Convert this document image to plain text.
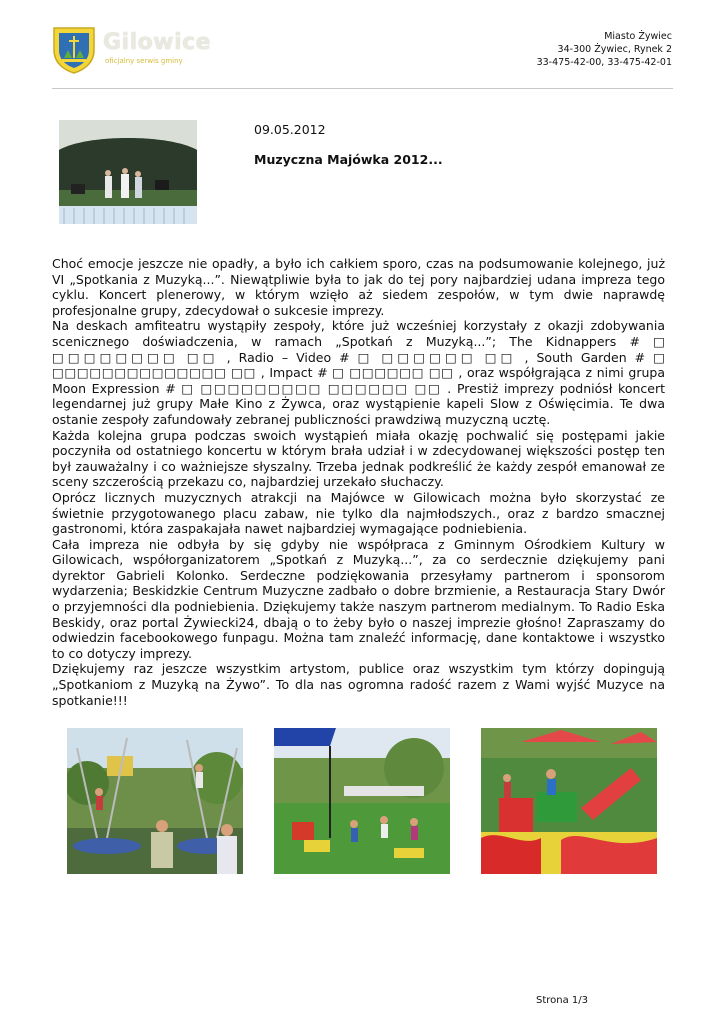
Gilowice
oficjalny serwis gminy
Miasto Żywiec
34-300 Żywiec, Rynek 2
33-475-42-00, 33-475-42-01
09.05.2012
Muzyczna Majówka 2012...
Choć emocje jeszcze nie opadły, a było ich całkiem sporo, czas na podsumowanie kolejnego, już VI „Spotkania z Muzyką...”. Niewątpliwie była to jak do tej pory najbardziej udana impreza tego cyklu. Koncert plenerowy, w którym wzięło aż siedem zespołów, w tym dwie naprawdę profesjonalne grupy, zdecydował o sukcesie imprezy.
Na deskach amfiteatru wystąpiły zespoły, które już wcześniej korzystały z okazji zdobywania scenicznego doświadczenia, w ramach „Spotkań z Muzyką...”; The Kidnappers # □ □□□□□□□□ □□ , Radio – Video # □ □□□□□□ □□ , South Garden # □ □□□□□□□□□□□□□□ □□ , Impact # □ □□□□□□ □□ , oraz współgrająca z nimi grupa Moon Expression # □ □□□□□□□□□ □□□□□□ □□ . Prestiż imprezy podniósł koncert legendarnej już grupy Małe Kino z Żywca, oraz wystąpienie kapeli Slow z Oświęcimia. Te dwa ostanie zespoły zafundowały zebranej publiczności prawdziwą muzyczną ucztę.
Każda kolejna grupa podczas swoich wystąpień miała okazję pochwalić się postępami jakie poczyniła od ostatniego koncertu w którym brała udział i w zdecydowanej większości postęp ten był zauważalny i co ważniejsze słyszalny. Trzeba jednak podkreślić że każdy zespół emanował ze sceny szczerością przekazu co, najbardziej urzekało słuchaczy.
Oprócz licznych muzycznych atrakcji na Majówce w Gilowicach można było skorzystać ze świetnie przygotowanego placu zabaw, nie tylko dla najmłodszych., oraz z bardzo smacznej gastronomi, która zaspakajała nawet najbardziej wymagające podniebienia.
Cała impreza nie odbyła by się gdyby nie współpraca z Gminnym Ośrodkiem Kultury w Gilowicach, współorganizatorem „Spotkań z Muzyką...”, za co serdecznie dziękujemy pani dyrektor Gabrieli Kolonko. Serdeczne podziękowania przesyłamy partnerom i sponsorom wydarzenia; Beskidzkie Centrum Muzyczne zadbało o dobre brzmienie, a Restauracja Stary Dwór o przyjemności dla podniebienia. Dziękujemy także naszym partnerom medialnym. To Radio Eska Beskidy, oraz portal Żywiecki24, dbają o to żeby było o naszej imprezie głośno! Zapraszamy do odwiedzin facebookowego funpagu. Można tam znaleźć informację, dane kontaktowe i wszystko to co dotyczy imprezy.
Dziękujemy raz jeszcze wszystkim artystom, publice oraz wszystkim tym którzy dopingują „Spotkaniom z Muzyką na Żywo”. To dla nas ogromna radość razem z Wami wyjść Muzyce na spotkanie!!!
Strona 1/3
